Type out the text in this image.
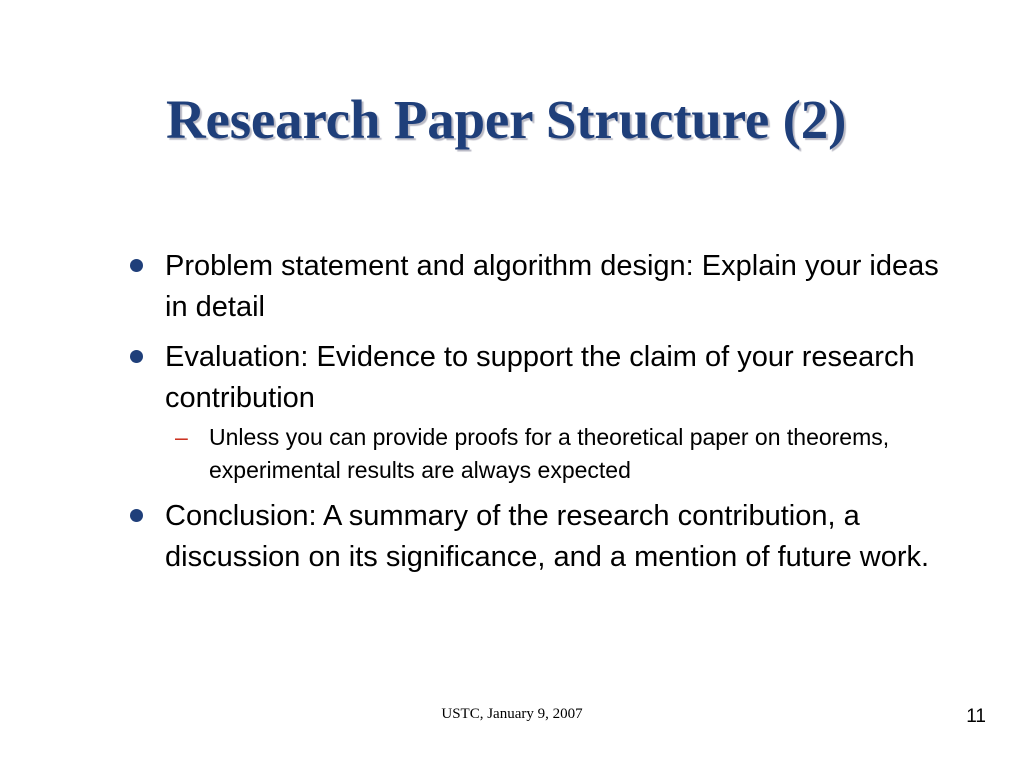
Research Paper Structure (2)
Problem statement and algorithm design: Explain your ideas in detail
Evaluation: Evidence to support the claim of your research contribution
– Unless you can provide proofs for a theoretical paper on theorems, experimental results are always expected
Conclusion: A summary of the research contribution, a discussion on its significance, and a mention of future work.
USTC, January 9, 2007	11
